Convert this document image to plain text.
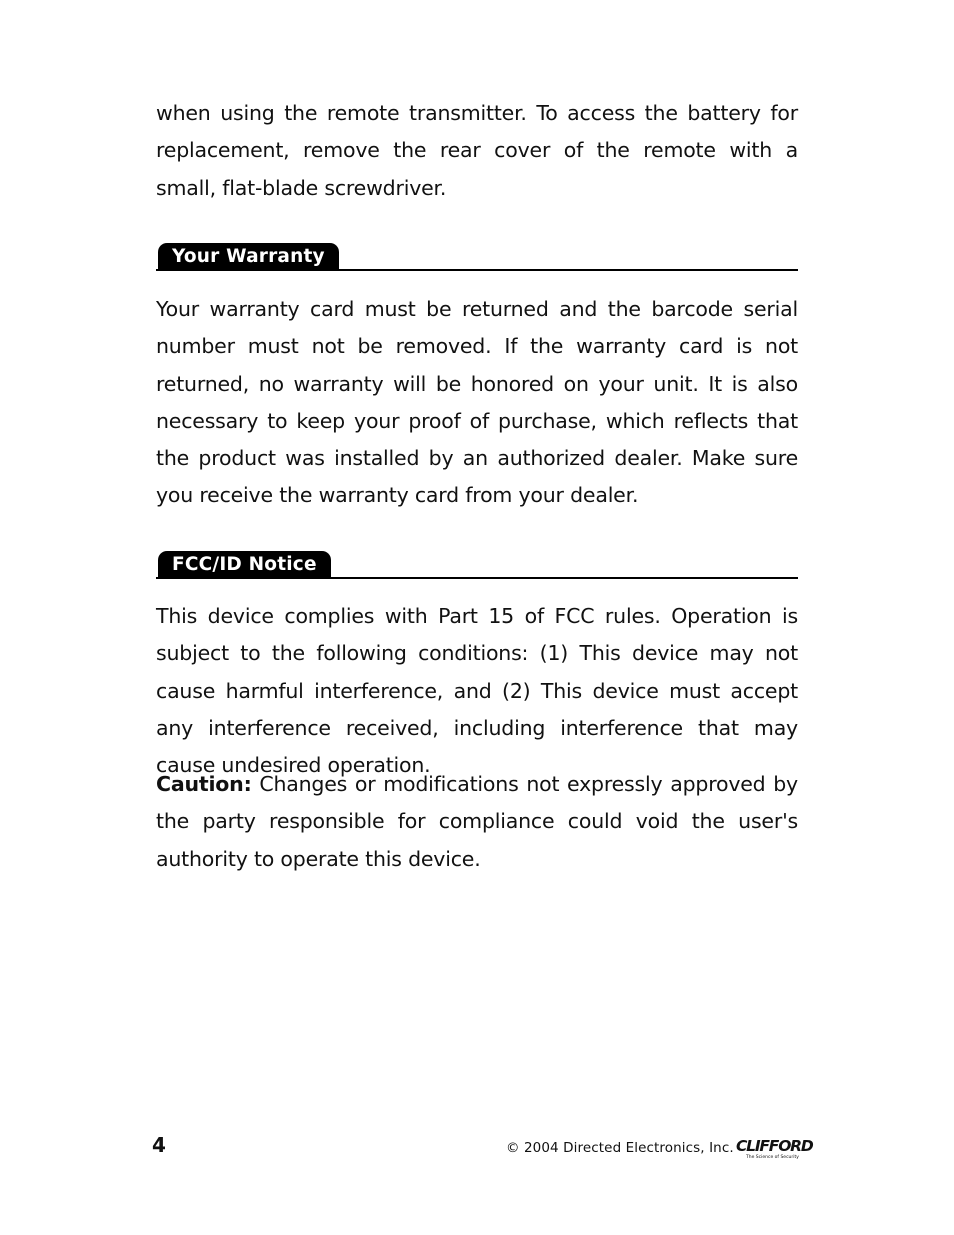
when using the remote transmitter. To access the battery for replacement, remove the rear cover of the remote with a small, flat-blade screwdriver.

Your Warranty

Your warranty card must be returned and the barcode serial number must not be removed. If the warranty card is not returned, no warranty will be honored on your unit. It is also necessary to keep your proof of purchase, which reflects that the product was installed by an authorized dealer. Make sure you receive the warranty card from your dealer.

FCC/ID Notice

This device complies with Part 15 of FCC rules. Operation is subject to the following conditions: (1) This device may not cause harmful interference, and (2) This device must accept any interference received, including interference that may cause undesired operation.

Caution: Changes or modifications not expressly approved by the party responsible for compliance could void the user's authority to operate this device.

4	© 2004 Directed Electronics, Inc. CLIFFORD
The Science of Security
